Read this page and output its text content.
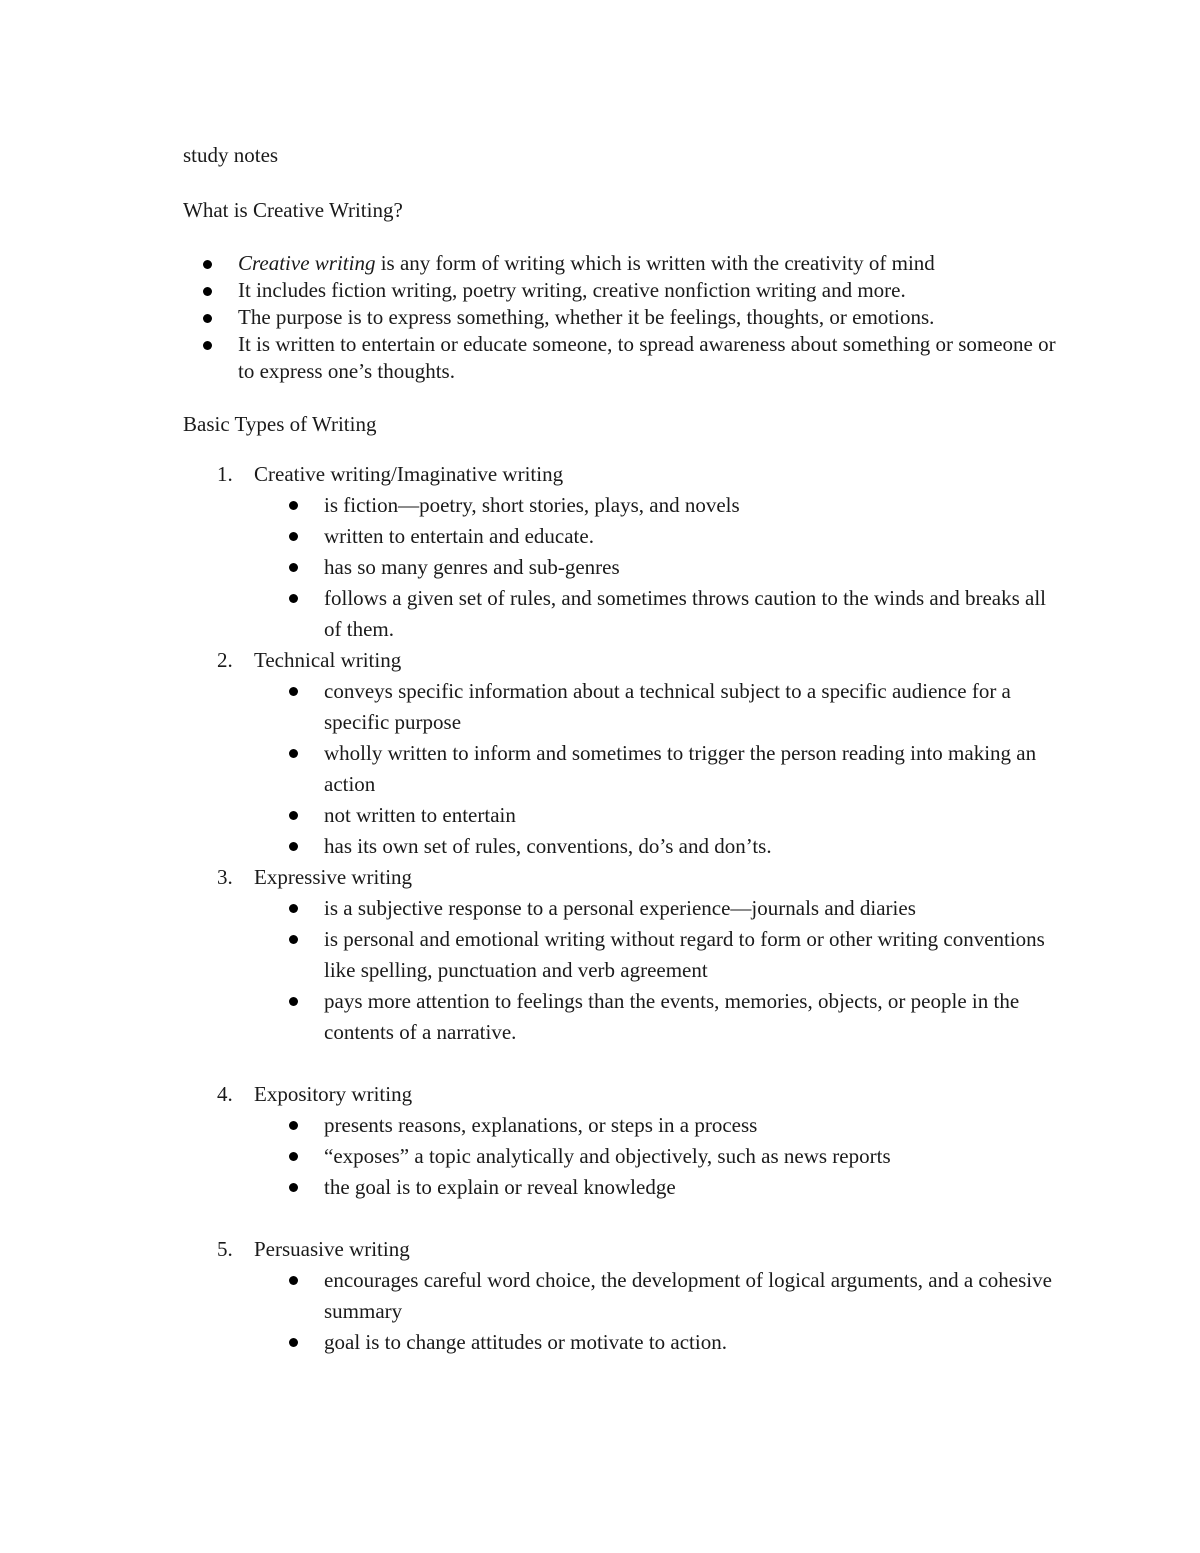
study notes

What is Creative Writing?

Creative writing is any form of writing which is written with the creativity of mind
It includes fiction writing, poetry writing, creative nonfiction writing and more.
The purpose is to express something, whether it be feelings, thoughts, or emotions.
It is written to entertain or educate someone, to spread awareness about something or someone or to express one’s thoughts.

Basic Types of Writing

1. Creative writing/Imaginative writing

is fiction—poetry, short stories, plays, and novels
written to entertain and educate.
has so many genres and sub-genres
follows a given set of rules, and sometimes throws caution to the winds and breaks all of them.
2. Technical writing

conveys specific information about a technical subject to a specific audience for a specific purpose
wholly written to inform and sometimes to trigger the person reading into making an action
not written to entertain
has its own set of rules, conventions, do’s and don’ts.
3. Expressive writing

is a subjective response to a personal experience—journals and diaries
is personal and emotional writing without regard to form or other writing conventions like spelling, punctuation and verb agreement
pays more attention to feelings than the events, memories, objects, or people in the contents of a narrative.
4. Expository writing

presents reasons, explanations, or steps in a process
“exposes” a topic analytically and objectively, such as news reports
the goal is to explain or reveal knowledge
5. Persuasive writing

encourages careful word choice, the development of logical arguments, and a cohesive summary
goal is to change attitudes or motivate to action.
